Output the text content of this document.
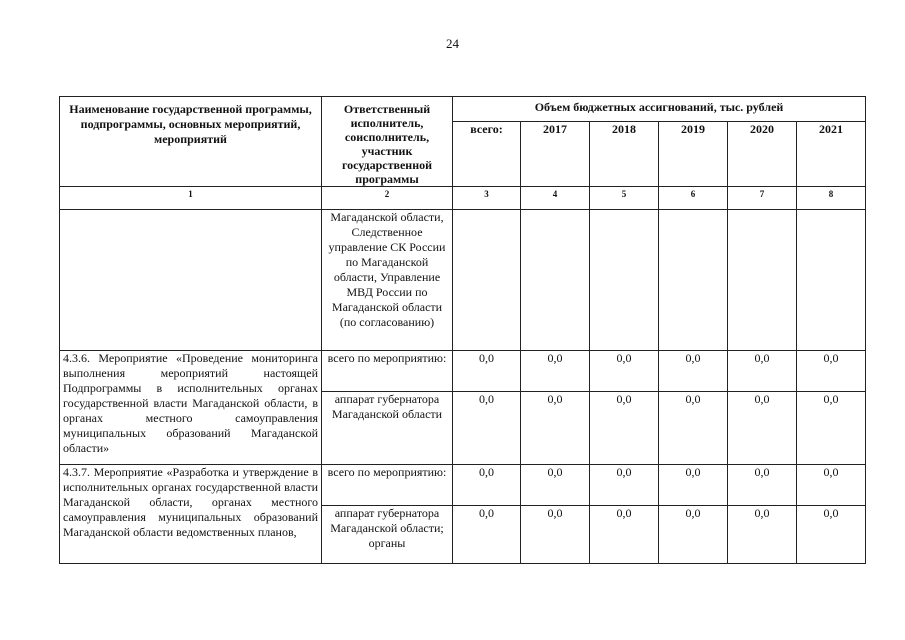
24
Наименование государственной программы, подпрограммы, основных мероприятий, мероприятий	Ответственный исполнитель, соисполнитель, участник государственной программы	Объем бюджетных ассигнований, тыс. рублей					
		всего:	2017	2018	2019	2020	2021
1	2	3	4	5	6	7	8
	Магаданской области, Следственное управление СК России по Магаданской области, Управление МВД России по Магаданской области (по согласованию)						
4.3.6. Мероприятие «Проведение мониторинга выполнения мероприятий настоящей Подпрограммы в исполнительных органах государственной власти Магаданской области, в органах местного самоуправления муниципальных образований Магаданской области»	всего по мероприятию:	0,0	0,0	0,0	0,0	0,0	0,0
	аппарат губернатора Магаданской области	0,0	0,0	0,0	0,0	0,0	0,0
4.3.7. Мероприятие «Разработка и утверждение в исполнительных органах государственной власти Магаданской области, органах местного самоуправления муниципальных образований Магаданской области ведомственных планов,	всего по мероприятию:	0,0	0,0	0,0	0,0	0,0	0,0
	аппарат губернатора Магаданской области; органы	0,0	0,0	0,0	0,0	0,0	0,0
